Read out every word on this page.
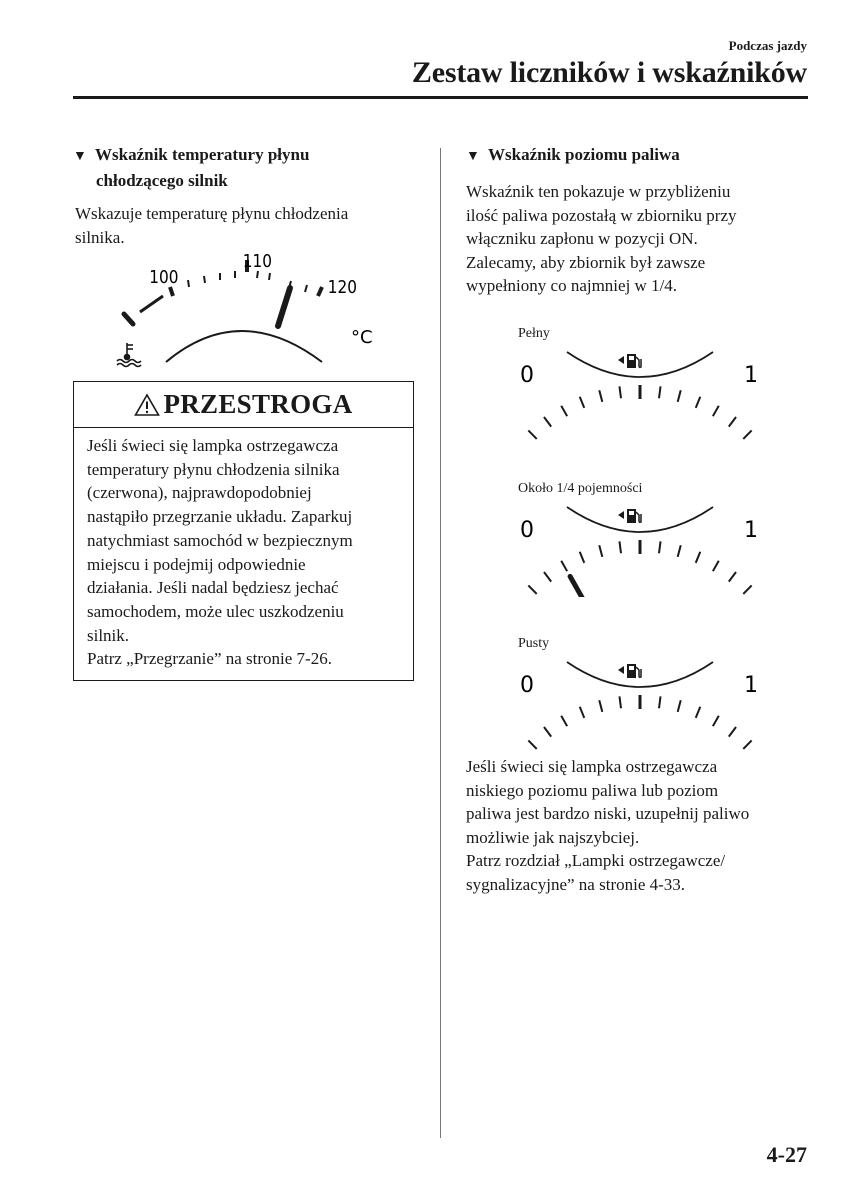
Podczas jazdy
Zestaw liczników i wskaźników
▼ Wskaźnik temperatury płynu
chłodzącego silnik
Wskazuje temperaturę płynu chłodzenia
silnika.
100
110
120
°C
PRZESTROGA
Jeśli świeci się lampka ostrzegawcza
temperatury płynu chłodzenia silnika
(czerwona), najprawdopodobniej
nastąpiło przegrzanie układu. Zaparkuj
natychmiast samochód w bezpiecznym
miejscu i podejmij odpowiednie
działania. Jeśli nadal będziesz jechać
samochodem, może ulec uszkodzeniu
silnik.
Patrz „Przegrzanie” na stronie 7-26.
▼ Wskaźnik poziomu paliwa
Wskaźnik ten pokazuje w przybliżeniu
ilość paliwa pozostałą w zbiorniku przy
włączniku zapłonu w pozycji ON.
Zalecamy, aby zbiornik był zawsze
wypełniony co najmniej w 1/4.
Pełny
0	1
Około 1/4 pojemności
0	1
Pusty
0	1
Jeśli świeci się lampka ostrzegawcza
niskiego poziomu paliwa lub poziom
paliwa jest bardzo niski, uzupełnij paliwo
możliwie jak najszybciej.
Patrz rozdział „Lampki ostrzegawcze/
sygnalizacyjne” na stronie 4-33.
4-27
